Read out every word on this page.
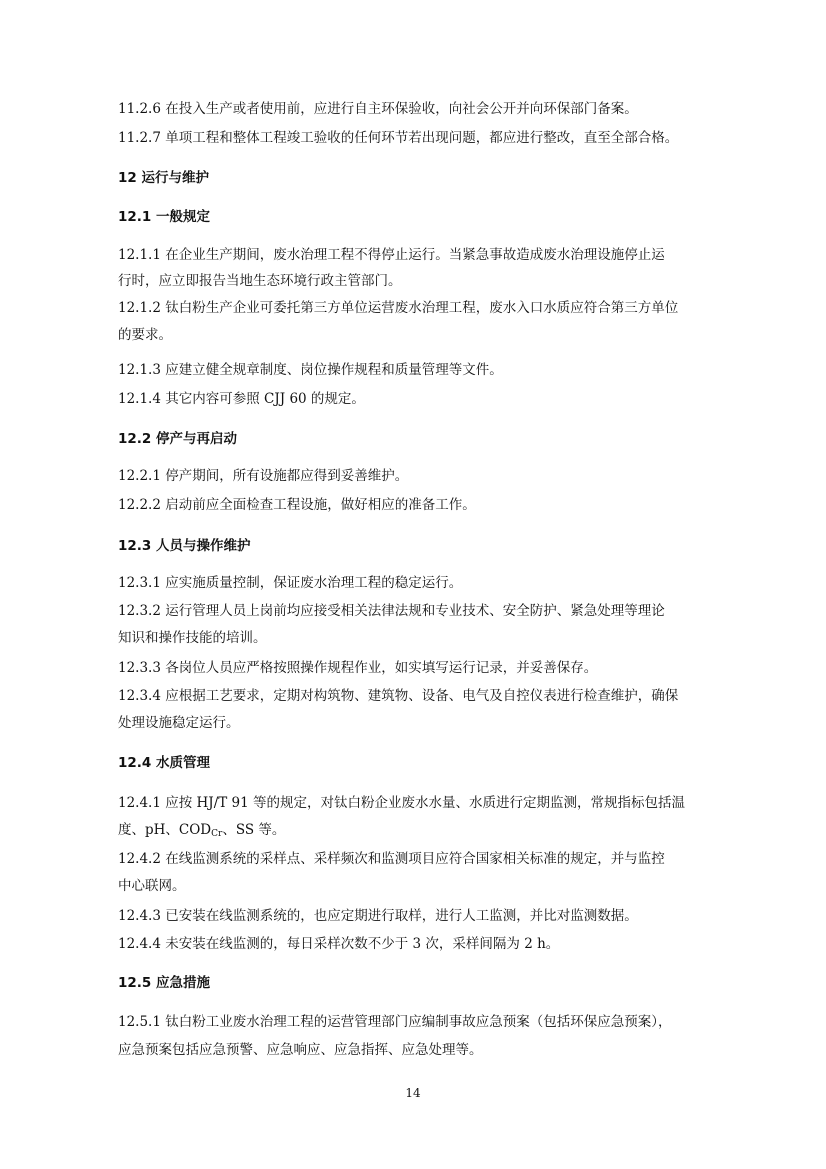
11.2.6 在投入生产或者使用前，应进行自主环保验收，向社会公开并向环保部门备案。
11.2.7 单项工程和整体工程竣工验收的任何环节若出现问题，都应进行整改，直至全部合格。
12 运行与维护
12.1 一般规定
12.1.1 在企业生产期间，废水治理工程不得停止运行。当紧急事故造成废水治理设施停止运
行时，应立即报告当地生态环境行政主管部门。
12.1.2 钛白粉生产企业可委托第三方单位运营废水治理工程，废水入口水质应符合第三方单位
的要求。
12.1.3 应建立健全规章制度、岗位操作规程和质量管理等文件。
12.1.4 其它内容可参照 CJJ 60 的规定。
12.2 停产与再启动
12.2.1 停产期间，所有设施都应得到妥善维护。
12.2.2 启动前应全面检查工程设施，做好相应的准备工作。
12.3 人员与操作维护
12.3.1 应实施质量控制，保证废水治理工程的稳定运行。
12.3.2 运行管理人员上岗前均应接受相关法律法规和专业技术、安全防护、紧急处理等理论
知识和操作技能的培训。
12.3.3 各岗位人员应严格按照操作规程作业，如实填写运行记录，并妥善保存。
12.3.4 应根据工艺要求，定期对构筑物、建筑物、设备、电气及自控仪表进行检查维护，确保
处理设施稳定运行。
12.4 水质管理
12.4.1 应按 HJ/T 91 等的规定，对钛白粉企业废水水量、水质进行定期监测，常规指标包括温
度、pH、$COD_{Cr}$、SS 等。
12.4.2 在线监测系统的采样点、采样频次和监测项目应符合国家相关标准的规定，并与监控
中心联网。
12.4.3 已安装在线监测系统的，也应定期进行取样，进行人工监测，并比对监测数据。
12.4.4 未安装在线监测的，每日采样次数不少于 3 次，采样间隔为 2 h。
12.5 应急措施
12.5.1 钛白粉工业废水治理工程的运营管理部门应编制事故应急预案（包括环保应急预案），
应急预案包括应急预警、应急响应、应急指挥、应急处理等。
14
